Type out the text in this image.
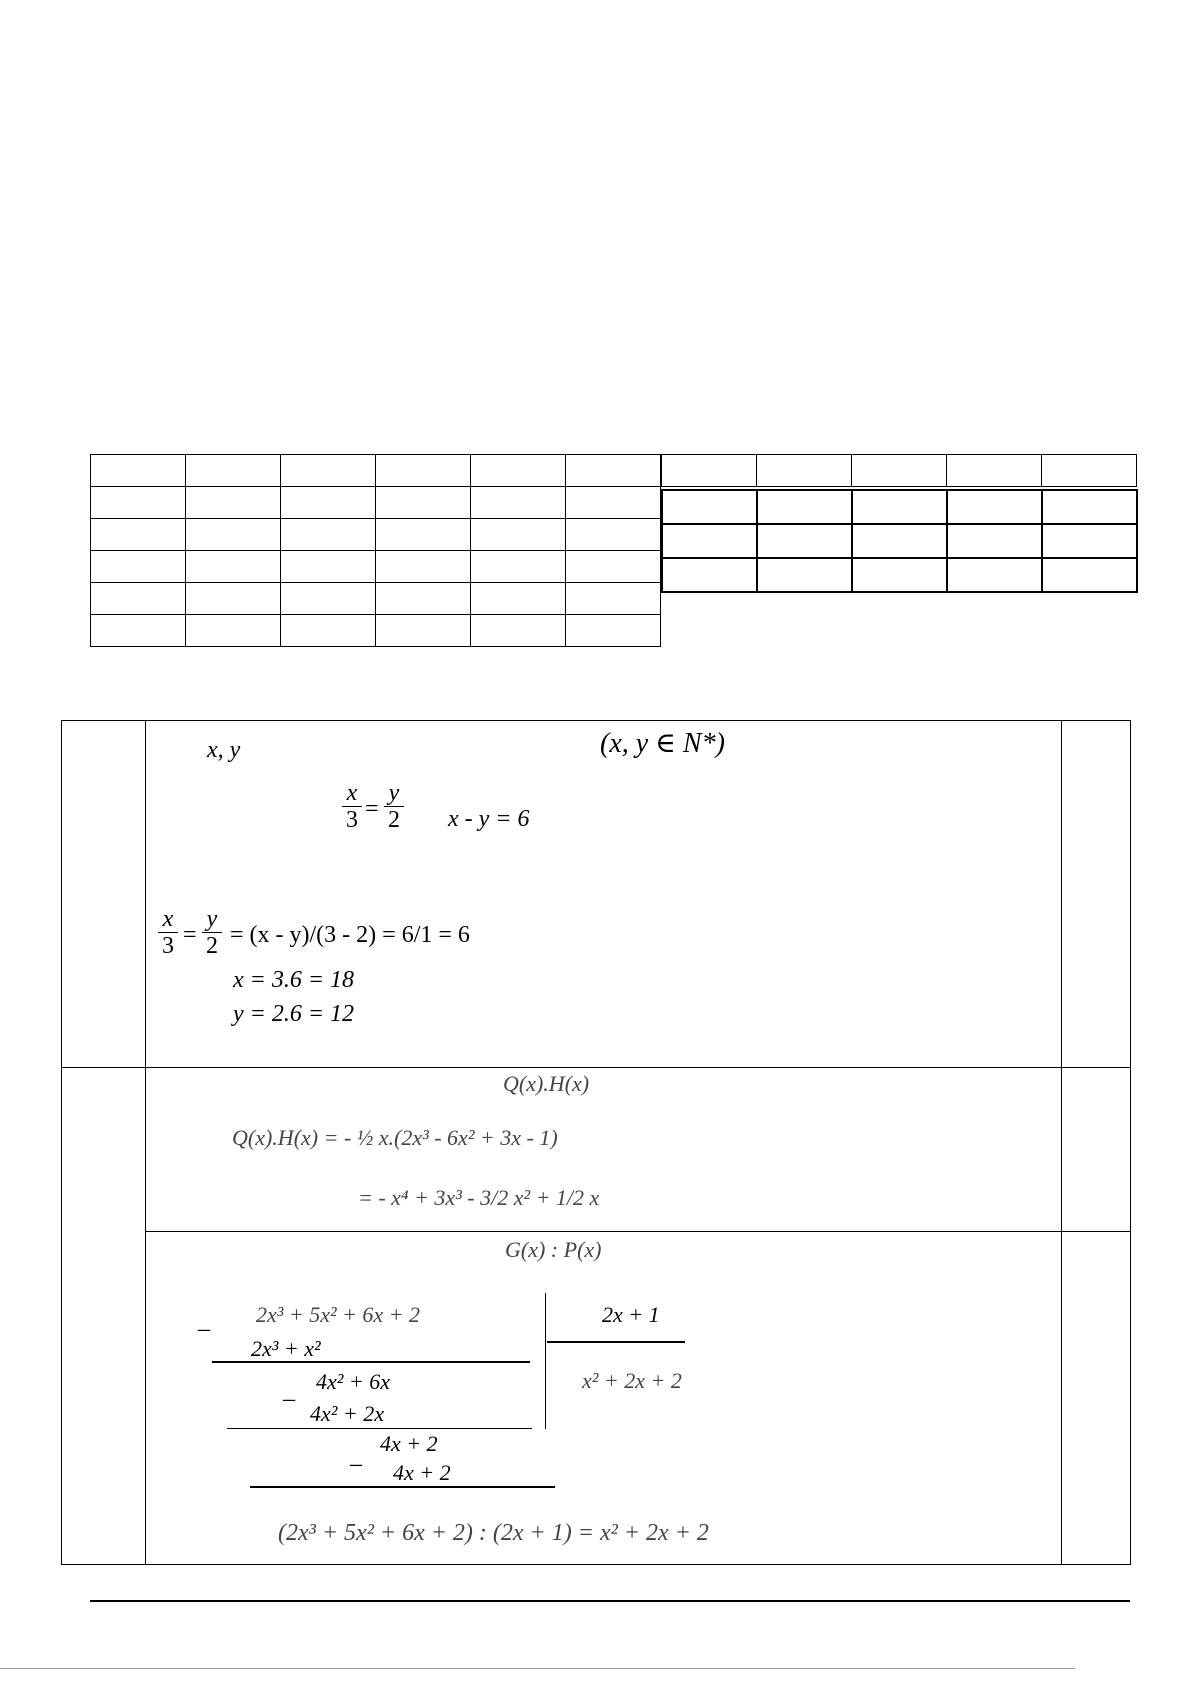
x, y	(x, y ∈ N*)
$\frac{x}{3} = \frac{y}{2}$ x - y = 6
$\frac{x}{3} = \frac{y}{2} = (x - y)/(3 - 2) = 6/1 = 6$
x = 3.6 = 18
y = 2.6 = 12
Q(x).H(x)
Q(x).H(x) = - ½ x.(2x³ - 6x² + 3x - 1)
= - x⁴ + 3x³ - 3/2 x² + 1/2 x
G(x) : P(x)
_ 2x³ + 5x² + 6x + 2
2x³ + x²
_ 4x² + 6x
4x² + 2x
4x + 2
_
4x + 2
2x + 1
x² + 2x + 2
(2x³ + 5x² + 6x + 2) : (2x + 1) = x² + 2x + 2
